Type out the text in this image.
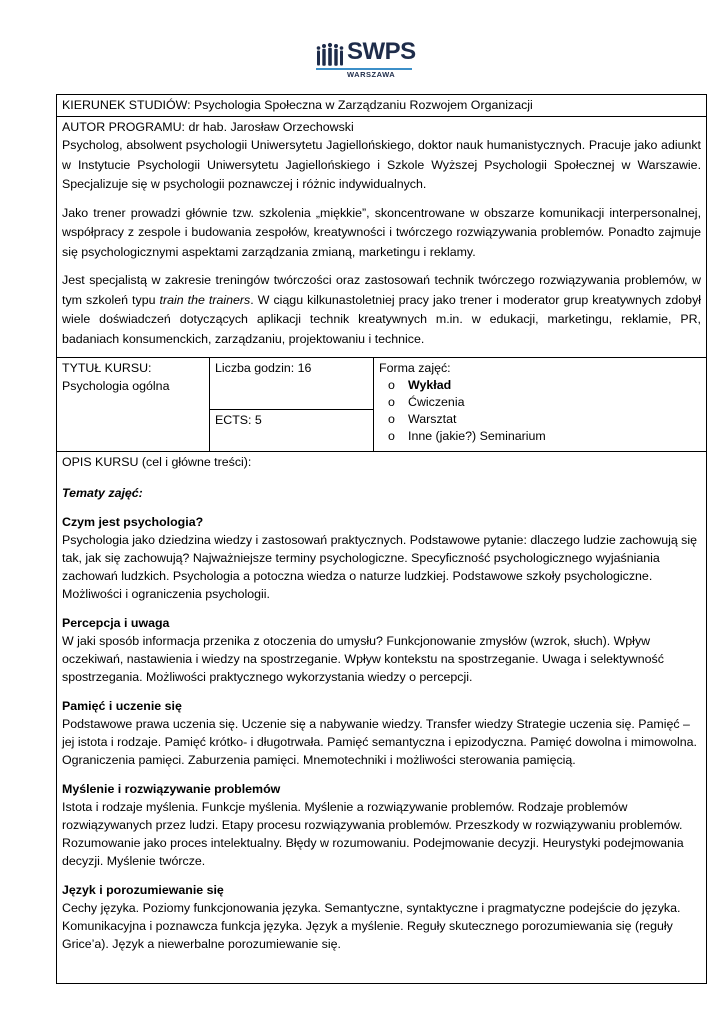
SWPS
WARSZAWA
KIERUNEK STUDIÓW: Psychologia Społeczna w Zarządzaniu Rozwojem Organizacji

AUTOR PROGRAMU: dr hab. Jarosław Orzechowski

Psycholog, absolwent psychologii Uniwersytetu Jagiellońskiego, doktor nauk humanistycznych. Pracuje jako adiunkt w Instytucie Psychologii Uniwersytetu Jagiellońskiego i Szkole Wyższej Psychologii Społecznej w Warszawie. Specjalizuje się w psychologii poznawczej i różnic indywidualnych.

Jako trener prowadzi głównie tzw. szkolenia „miękkie”, skoncentrowane w obszarze komunikacji interpersonalnej, współpracy z zespole i budowania zespołów, kreatywności i twórczego rozwiązywania problemów. Ponadto zajmuje się psychologicznymi aspektami zarządzania zmianą, marketingu i reklamy.

Jest specjalistą w zakresie treningów twórczości oraz zastosowań technik twórczego rozwiązywania problemów, w tym szkoleń typu train the trainers. W ciągu kilkunastoletniej pracy jako trener i moderator grup kreatywnych zdobył wiele doświadczeń dotyczących aplikacji technik kreatywnych m.in. w edukacji, marketingu, reklamie, PR, badaniach konsumenckich, zarządzaniu, projektowaniu i technice.

TYTUŁ KURSU:
Psychologia ogólna
	Liczba godzin: 16	Forma zajęć:
o Wykład
o Ćwiczenia
o Warsztat
o Inne (jakie?) Seminarium

ECTS: 5

OPIS KURSU (cel i główne treści):

Tematy zajęć:

Czym jest psychologia?

Psychologia jako dziedzina wiedzy i zastosowań praktycznych. Podstawowe pytanie: dlaczego ludzie zachowują się tak, jak się zachowują? Najważniejsze terminy psychologiczne. Specyficzność psychologicznego wyjaśniania zachowań ludzkich. Psychologia a potoczna wiedza o naturze ludzkiej. Podstawowe szkoły psychologiczne. Możliwości i ograniczenia psychologii.

Percepcja i uwaga

W jaki sposób informacja przenika z otoczenia do umysłu? Funkcjonowanie zmysłów (wzrok, słuch). Wpływ oczekiwań, nastawienia i wiedzy na spostrzeganie. Wpływ kontekstu na spostrzeganie. Uwaga i selektywność spostrzegania. Możliwości praktycznego wykorzystania wiedzy o percepcji.

Pamięć i uczenie się

Podstawowe prawa uczenia się. Uczenie się a nabywanie wiedzy. Transfer wiedzy Strategie uczenia się. Pamięć – jej istota i rodzaje. Pamięć krótko- i długotrwała. Pamięć semantyczna i epizodyczna. Pamięć dowolna i mimowolna. Ograniczenia pamięci. Zaburzenia pamięci. Mnemotechniki i możliwości sterowania pamięcią.

Myślenie i rozwiązywanie problemów

Istota i rodzaje myślenia. Funkcje myślenia. Myślenie a rozwiązywanie problemów. Rodzaje problemów rozwiązywanych przez ludzi. Etapy procesu rozwiązywania problemów. Przeszkody w rozwiązywaniu problemów. Rozumowanie jako proces intelektualny. Błędy w rozumowaniu. Podejmowanie decyzji. Heurystyki podejmowania decyzji. Myślenie twórcze.

Język i porozumiewanie się

Cechy języka. Poziomy funkcjonowania języka. Semantyczne, syntaktyczne i pragmatyczne podejście do języka. Komunikacyjna i poznawcza funkcja języka. Język a myślenie. Reguły skutecznego porozumiewania się (reguły Grice’a). Język a niewerbalne porozumiewanie się.
